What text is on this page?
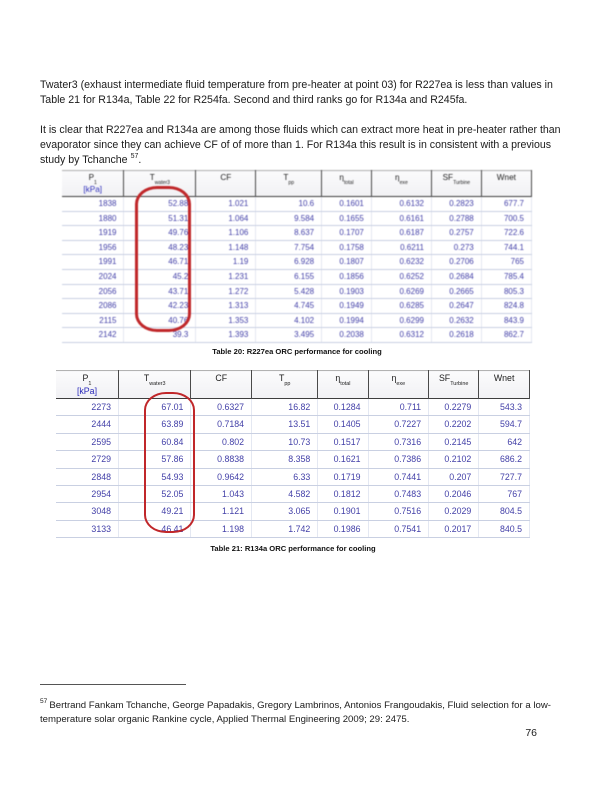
Twater3 (exhaust intermediate fluid temperature from pre-heater at point 03) for R227ea is less than values in Table 21 for R134a, Table 22 for R254fa. Second and third ranks go for R134a and R245fa.

It is clear that R227ea and R134a are among those fluids which can extract more heat in pre-heater rather than evaporator since they can achieve CF of of more than 1. For R134a this result is in consistent with a previous study by Tchanche $^{57}$.

$P_1$
[kPa]	$T_{water3}$	CF	$T_{pp}$	$\eta_{total}$	$\eta_{exe}$	$SF_{Turbine}$	Wnet
1838	52.88	1.021	10.6	0.1601	0.6132	0.2823	677.7
1880	51.31	1.064	9.584	0.1655	0.6161	0.2788	700.5
1919	49.76	1.106	8.637	0.1707	0.6187	0.2757	722.6
1956	48.23	1.148	7.754	0.1758	0.6211	0.273	744.1
1991	46.71	1.19	6.928	0.1807	0.6232	0.2706	765
2024	45.2	1.231	6.155	0.1856	0.6252	0.2684	785.4
2056	43.71	1.272	5.428	0.1903	0.6269	0.2665	805.3
2086	42.23	1.313	4.745	0.1949	0.6285	0.2647	824.8
2115	40.76	1.353	4.102	0.1994	0.6299	0.2632	843.9
2142	39.3	1.393	3.495	0.2038	0.6312	0.2618	862.7
Table 20: R227ea ORC performance for cooling
$P_1$
[kPa]	$T_{water3}$	CF	$T_{pp}$	$\eta_{total}$	$\eta_{exe}$	$SF_{Turbine}$	Wnet
2273	67.01	0.6327	16.82	0.1284	0.711	0.2279	543.3
2444	63.89	0.7184	13.51	0.1405	0.7227	0.2202	594.7
2595	60.84	0.802	10.73	0.1517	0.7316	0.2145	642
2729	57.86	0.8838	8.358	0.1621	0.7386	0.2102	686.2
2848	54.93	0.9642	6.33	0.1719	0.7441	0.207	727.7
2954	52.05	1.043	4.582	0.1812	0.7483	0.2046	767
3048	49.21	1.121	3.065	0.1901	0.7516	0.2029	804.5
3133	46.41	1.198	1.742	0.1986	0.7541	0.2017	840.5
Table 21: R134a ORC performance for cooling

$^{57}$ Bertrand Fankam Tchanche, George Papadakis, Gregory Lambrinos, Antonios Frangoudakis, Fluid selection for a low-temperature solar organic Rankine cycle, Applied Thermal Engineering 2009; 29: 2475.

76
